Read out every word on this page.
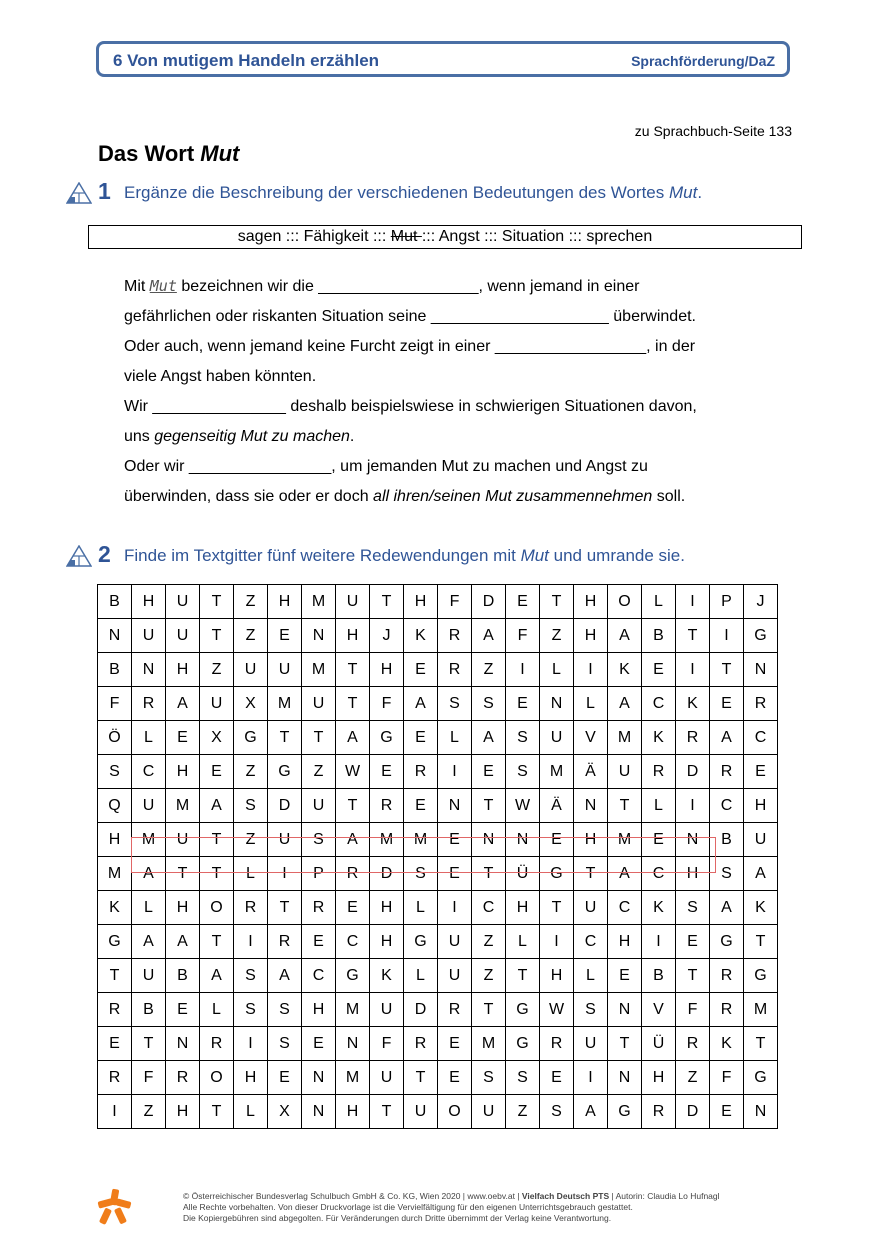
6 Von mutigem Handeln erzählen	Sprachförderung/DaZ
zu Sprachbuch-Seite 133
Das Wort Mut
1 Ergänze die Beschreibung der verschiedenen Bedeutungen des Wortes Mut.
sagen ::: Fähigkeit ::: Mut ::: Angst ::: Situation ::: sprechen
Mit Mut bezeichnen wir die __________________, wenn jemand in einer
gefährlichen oder riskanten Situation seine ____________________ überwindet.
Oder auch, wenn jemand keine Furcht zeigt in einer _________________, in der
viele Angst haben könnten.
Wir _______________ deshalb beispielswiese in schwierigen Situationen davon,
uns gegenseitig Mut zu machen.
Oder wir ________________, um jemanden Mut zu machen und Angst zu
überwinden, dass sie oder er doch all ihren/seinen Mut zusammennehmen soll.
2 Finde im Textgitter fünf weitere Redewendungen mit Mut und umrande sie.
B	H	U	T	Z	H	M	U	T	H	F	D	E	T	H	O	L	I	P	J
N	U	U	T	Z	E	N	H	J	K	R	A	F	Z	H	A	B	T	I	G
B	N	H	Z	U	U	M	T	H	E	R	Z	I	L	I	K	E	I	T	N
F	R	A	U	X	M	U	T	F	A	S	S	E	N	L	A	C	K	E	R
Ö	L	E	X	G	T	T	A	G	E	L	A	S	U	V	M	K	R	A	C
S	C	H	E	Z	G	Z	W	E	R	I	E	S	M	Ä	U	R	D	R	E
Q	U	M	A	S	D	U	T	R	E	N	T	W	Ä	N	T	L	I	C	H
H	M	U	T	Z	U	S	A	M	M	E	N	N	E	H	M	E	N	B	U
M	A	T	T	L	I	P	R	D	S	E	T	Ü	G	T	A	C	H	S	A
K	L	H	O	R	T	R	E	H	L	I	C	H	T	U	C	K	S	A	K
G	A	A	T	I	R	E	C	H	G	U	Z	L	I	C	H	I	E	G	T
T	U	B	A	S	A	C	G	K	L	U	Z	T	H	L	E	B	T	R	G
R	B	E	L	S	S	H	M	U	D	R	T	G	W	S	N	V	F	R	M
E	T	N	R	I	S	E	N	F	R	E	M	G	R	U	T	Ü	R	K	T
R	F	R	O	H	E	N	M	U	T	E	S	S	E	I	N	H	Z	F	G
I	Z	H	T	L	X	N	H	T	U	O	U	Z	S	A	G	R	D	E	N
© Österreichischer Bundesverlag Schulbuch GmbH & Co. KG, Wien 2020 | www.oebv.at | Vielfach Deutsch PTS | Autorin: Claudia Lo Hufnagl
Alle Rechte vorbehalten. Von dieser Druckvorlage ist die Vervielfältigung für den eigenen Unterrichtsgebrauch gestattet.
Die Kopiergebühren sind abgegolten. Für Veränderungen durch Dritte übernimmt der Verlag keine Verantwortung.
